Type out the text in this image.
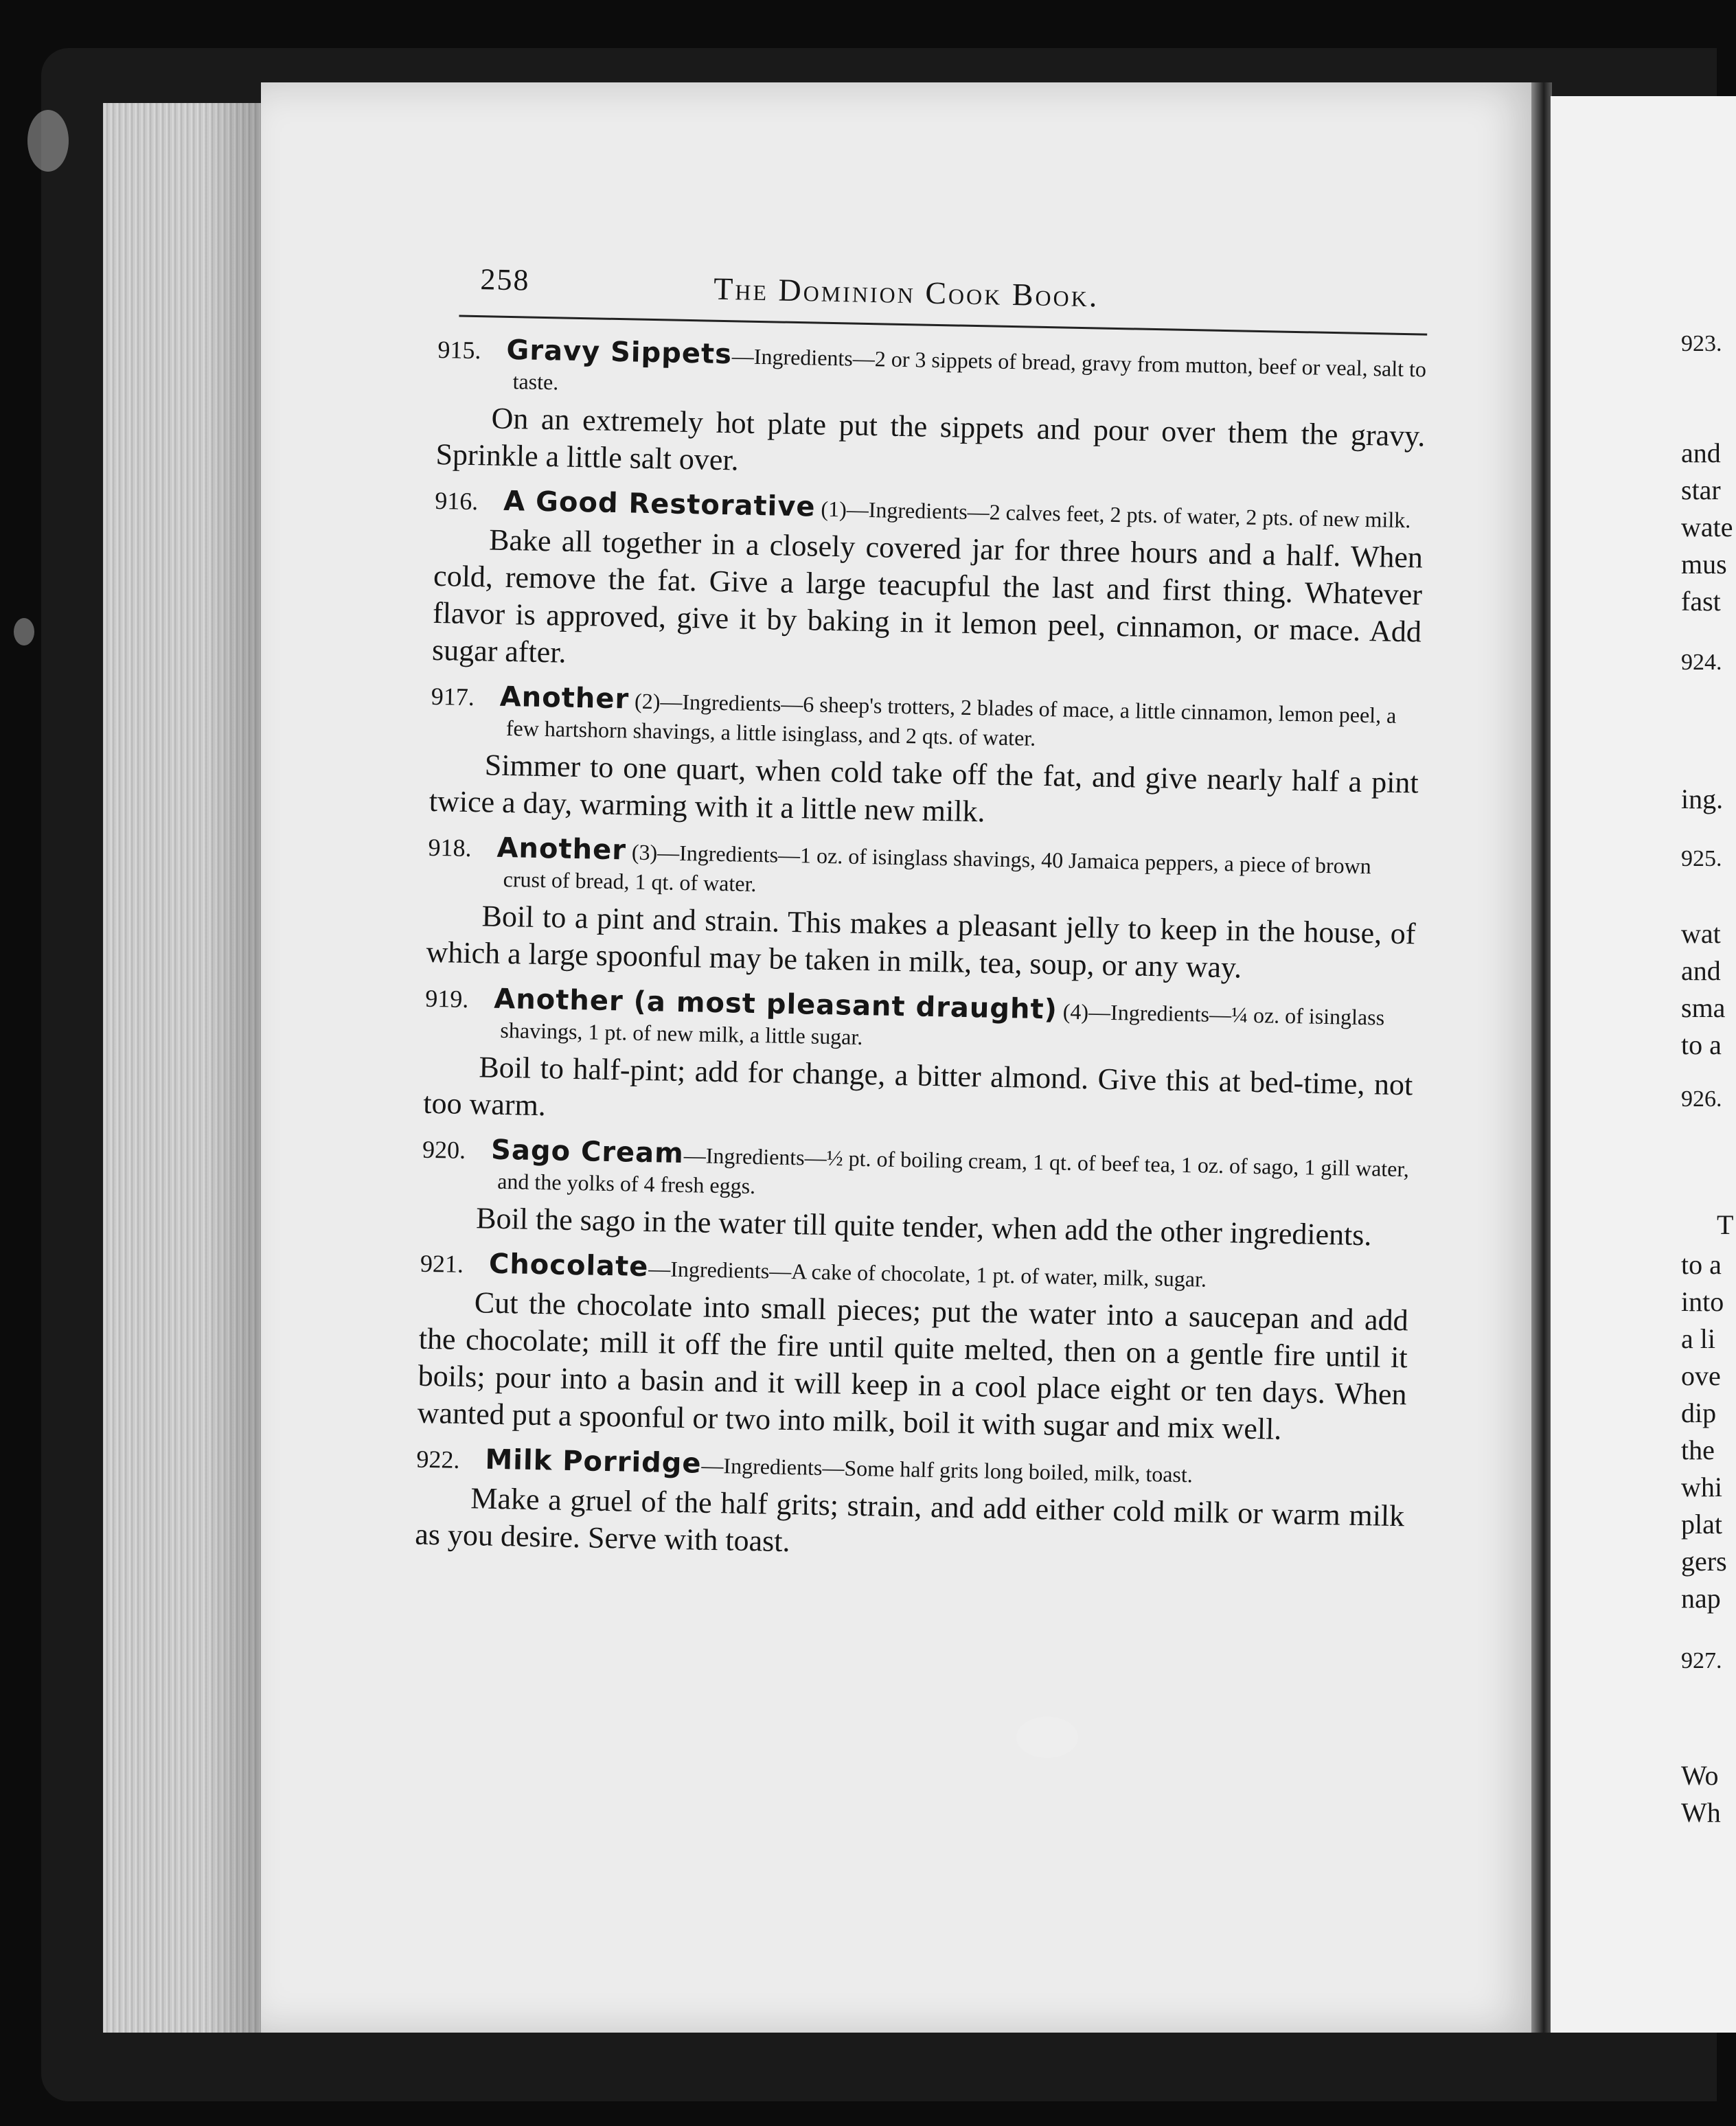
923.
and
star
wate
mus
fast
924.
ing.
925.
wat
and
sma
to a
926.
T
to a
into
a li
ove
dip
the
whi
plat
gers
nap
927.
Wo
Wh
258	The Dominion Cook Book.
915. Gravy Sippets—Ingredients—2 or 3 sippets of bread, gravy from mutton, beef or veal, salt to taste.
On an extremely hot plate put the sippets and pour over them the gravy. Sprinkle a little salt over.
916. A Good Restorative (1)—Ingredients—2 calves feet, 2 pts. of water, 2 pts. of new milk.
Bake all together in a closely covered jar for three hours and a half. When cold, remove the fat. Give a large teacupful the last and first thing. Whatever flavor is approved, give it by baking in it lemon peel, cinnamon, or mace. Add sugar after.
917. Another (2)—Ingredients—6 sheep's trotters, 2 blades of mace, a little cinnamon, lemon peel, a few hartshorn shavings, a little isinglass, and 2 qts. of water.
Simmer to one quart, when cold take off the fat, and give nearly half a pint twice a day, warming with it a little new milk.
918. Another (3)—Ingredients—1 oz. of isinglass shavings, 40 Jamaica peppers, a piece of brown crust of bread, 1 qt. of water.
Boil to a pint and strain. This makes a pleasant jelly to keep in the house, of which a large spoonful may be taken in milk, tea, soup, or any way.
919. Another (a most pleasant draught) (4)—Ingredients—¼ oz. of isinglass shavings, 1 pt. of new milk, a little sugar.
Boil to half-pint; add for change, a bitter almond. Give this at bed-time, not too warm.
920. Sago Cream—Ingredients—½ pt. of boiling cream, 1 qt. of beef tea, 1 oz. of sago, 1 gill water, and the yolks of 4 fresh eggs.
Boil the sago in the water till quite tender, when add the other ingredients.
921. Chocolate—Ingredients—A cake of chocolate, 1 pt. of water, milk, sugar.
Cut the chocolate into small pieces; put the water into a saucepan and add the chocolate; mill it off the fire until quite melted, then on a gentle fire until it boils; pour into a basin and it will keep in a cool place eight or ten days. When wanted put a spoonful or two into milk, boil it with sugar and mix well.
922. Milk Porridge—Ingredients—Some half grits long boiled, milk, toast.
Make a gruel of the half grits; strain, and add either cold milk or warm milk as you desire. Serve with toast.
